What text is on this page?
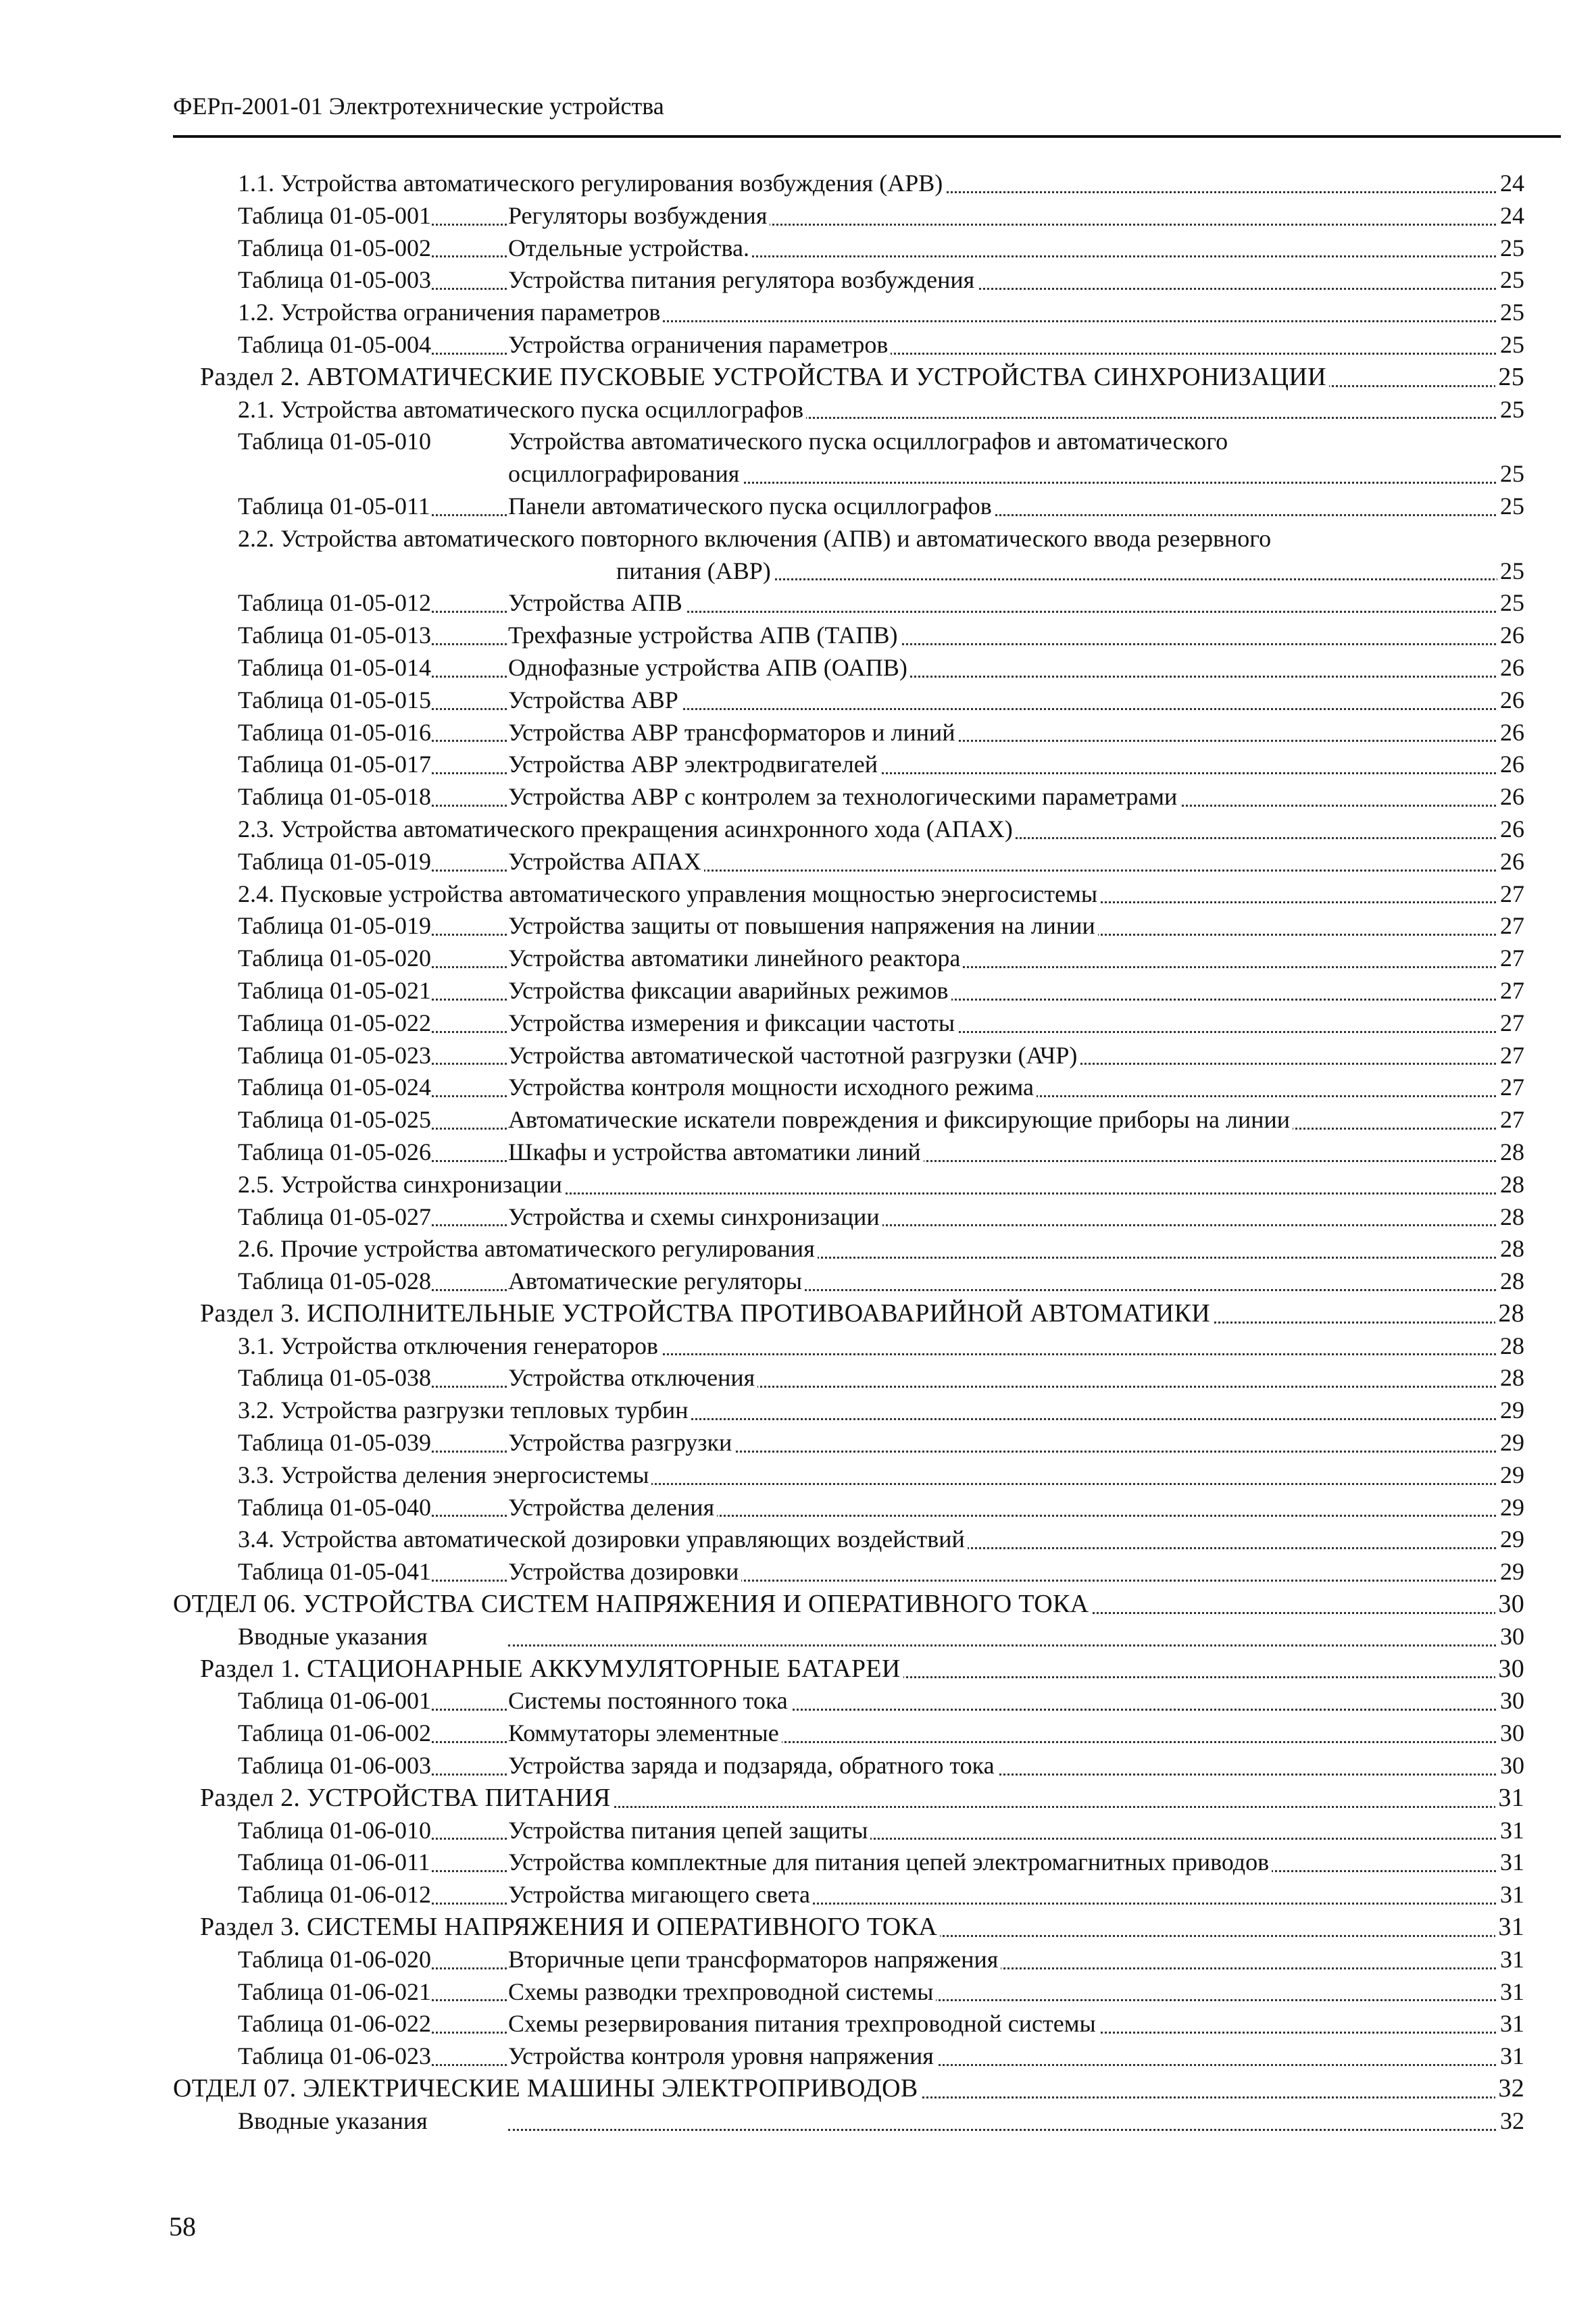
ФЕРп-2001-01 Электротехнические устройства
1.1. Устройства автоматического регулирования возбуждения (АРВ)	24
Таблица 01-05-001	Регуляторы возбуждения	24
Таблица 01-05-002	Отдельные устройства.	25
Таблица 01-05-003	Устройства питания регулятора возбуждения	25
1.2. Устройства ограничения параметров	25
Таблица 01-05-004	Устройства ограничения параметров	25
Раздел 2. АВТОМАТИЧЕСКИЕ ПУСКОВЫЕ УСТРОЙСТВА И УСТРОЙСТВА СИНХРОНИЗАЦИИ	25
2.1. Устройства автоматического пуска осциллографов	25
Таблица 01-05-010	Устройства автоматического пуска осциллографов и автоматического
осциллографирования	25
Таблица 01-05-011	Панели автоматического пуска осциллографов	25
2.2. Устройства автоматического повторного включения (АПВ) и автоматического ввода резервного
питания (АВР)	25
Таблица 01-05-012	Устройства АПВ	25
Таблица 01-05-013	Трехфазные устройства АПВ (ТАПВ)	26
Таблица 01-05-014	Однофазные устройства АПВ (ОАПВ)	26
Таблица 01-05-015	Устройства АВР	26
Таблица 01-05-016	Устройства АВР трансформаторов и линий	26
Таблица 01-05-017	Устройства АВР электродвигателей	26
Таблица 01-05-018	Устройства АВР с контролем за технологическими параметрами	26
2.3. Устройства автоматического прекращения асинхронного хода (АПАХ)	26
Таблица 01-05-019	Устройства АПАХ	26
2.4. Пусковые устройства автоматического управления мощностью энергосистемы	27
Таблица 01-05-019	Устройства защиты от повышения напряжения на линии	27
Таблица 01-05-020	Устройства автоматики линейного реактора	27
Таблица 01-05-021	Устройства фиксации аварийных режимов	27
Таблица 01-05-022	Устройства измерения и фиксации частоты	27
Таблица 01-05-023	Устройства автоматической частотной разгрузки (АЧР)	27
Таблица 01-05-024	Устройства контроля мощности исходного режима	27
Таблица 01-05-025	Автоматические искатели повреждения и фиксирующие приборы на линии	27
Таблица 01-05-026	Шкафы и устройства автоматики линий	28
2.5. Устройства синхронизации	28
Таблица 01-05-027	Устройства и схемы синхронизации	28
2.6. Прочие устройства автоматического регулирования	28
Таблица 01-05-028	Автоматические регуляторы	28
Раздел 3. ИСПОЛНИТЕЛЬНЫЕ УСТРОЙСТВА ПРОТИВОАВАРИЙНОЙ АВТОМАТИКИ	28
3.1. Устройства отключения генераторов	28
Таблица 01-05-038	Устройства отключения	28
3.2. Устройства разгрузки тепловых турбин	29
Таблица 01-05-039	Устройства разгрузки	29
3.3. Устройства деления энергосистемы	29
Таблица 01-05-040	Устройства деления	29
3.4. Устройства автоматической дозировки управляющих воздействий	29
Таблица 01-05-041	Устройства дозировки	29
ОТДЕЛ 06. УСТРОЙСТВА СИСТЕМ НАПРЯЖЕНИЯ И ОПЕРАТИВНОГО ТОКА	30
Вводные указания	30
Раздел 1. СТАЦИОНАРНЫЕ АККУМУЛЯТОРНЫЕ БАТАРЕИ	30
Таблица 01-06-001	Системы постоянного тока	30
Таблица 01-06-002	Коммутаторы элементные	30
Таблица 01-06-003	Устройства заряда и подзаряда, обратного тока	30
Раздел 2. УСТРОЙСТВА ПИТАНИЯ	31
Таблица 01-06-010	Устройства питания цепей защиты	31
Таблица 01-06-011	Устройства комплектные для питания цепей электромагнитных приводов	31
Таблица 01-06-012	Устройства мигающего света	31
Раздел 3. СИСТЕМЫ НАПРЯЖЕНИЯ И ОПЕРАТИВНОГО ТОКА	31
Таблица 01-06-020	Вторичные цепи трансформаторов напряжения	31
Таблица 01-06-021	Схемы разводки трехпроводной системы	31
Таблица 01-06-022	Схемы резервирования питания трехпроводной системы	31
Таблица 01-06-023	Устройства контроля уровня напряжения	31
ОТДЕЛ 07. ЭЛЕКТРИЧЕСКИЕ МАШИНЫ ЭЛЕКТРОПРИВОДОВ	32
Вводные указания	32
58
